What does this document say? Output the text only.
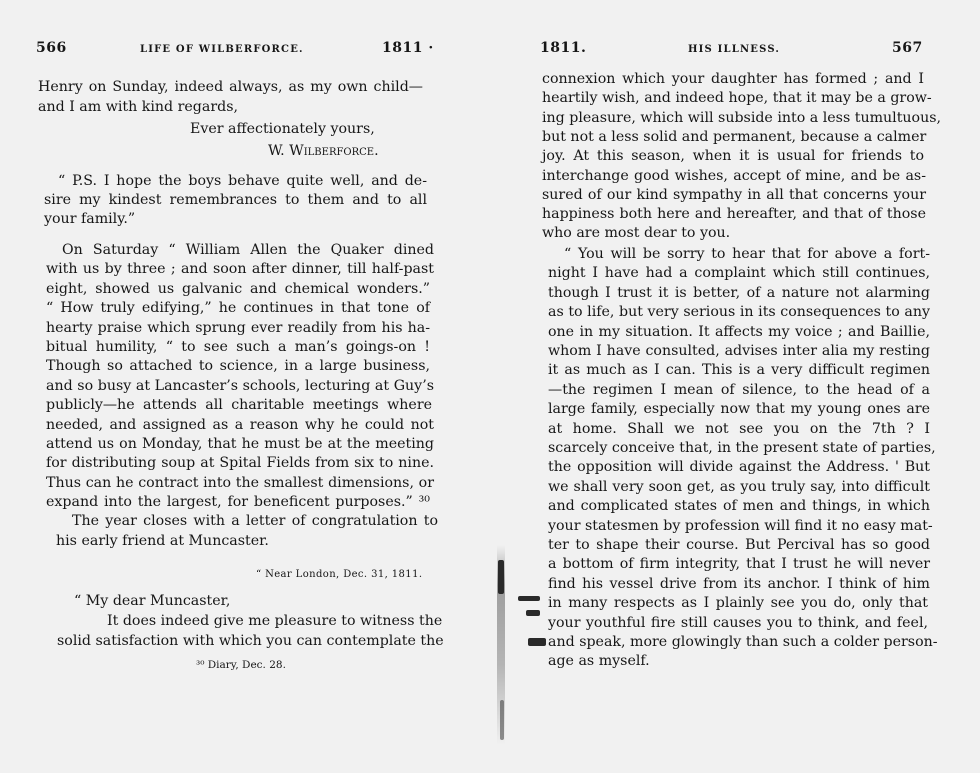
566	LIFE OF WILBERFORCE.	1811 ·
Henry on Sunday, indeed always, as my own child—
and I am with kind regards,
Ever affectionately yours,
W. Wilberforce.
“ P.S. I hope the boys behave quite well, and de-
sire my kindest remembrances to them and to all
your family.”
On Saturday “ William Allen the Quaker dined
with us by three ; and soon after dinner, till half-past
eight, showed us galvanic and chemical wonders.”
“ How truly edifying,” he continues in that tone of
hearty praise which sprung ever readily from his ha-
bitual humility, “ to see such a man’s goings-on !
Though so attached to science, in a large business,
and so busy at Lancaster’s schools, lecturing at Guy’s
publicly—he attends all charitable meetings where
needed, and assigned as a reason why he could not
attend us on Monday, that he must be at the meeting
for distributing soup at Spital Fields from six to nine.
Thus can he contract into the smallest dimensions, or
expand into the largest, for beneficent purposes.” ³⁰
The year closes with a letter of congratulation to
his early friend at Muncaster.
“ Near London, Dec. 31, 1811.
“ My dear Muncaster,
It does indeed give me pleasure to witness the
solid satisfaction with which you can contemplate the
³⁰ Diary, Dec. 28.
1811.	HIS ILLNESS.	567
connexion which your daughter has formed ; and I
heartily wish, and indeed hope, that it may be a grow-
ing pleasure, which will subside into a less tumultuous,
but not a less solid and permanent, because a calmer
joy. At this season, when it is usual for friends to
interchange good wishes, accept of mine, and be as-
sured of our kind sympathy in all that concerns your
happiness both here and hereafter, and that of those
who are most dear to you.
“ You will be sorry to hear that for above a fort-
night I have had a complaint which still continues,
though I trust it is better, of a nature not alarming
as to life, but very serious in its consequences to any
one in my situation. It affects my voice ; and Baillie,
whom I have consulted, advises inter alia my resting
it as much as I can. This is a very difficult regimen
—the regimen I mean of silence, to the head of a
large family, especially now that my young ones are
at home. Shall we not see you on the 7th ? I
scarcely conceive that, in the present state of parties,
the opposition will divide against the Address. ' But
we shall very soon get, as you truly say, into difficult
and complicated states of men and things, in which
your statesmen by profession will find it no easy mat-
ter to shape their course. But Percival has so good
a bottom of firm integrity, that I trust he will never
find his vessel drive from its anchor. I think of him
in many respects as I plainly see you do, only that
your youthful fire still causes you to think, and feel,
and speak, more glowingly than such a colder person-
age as myself.
